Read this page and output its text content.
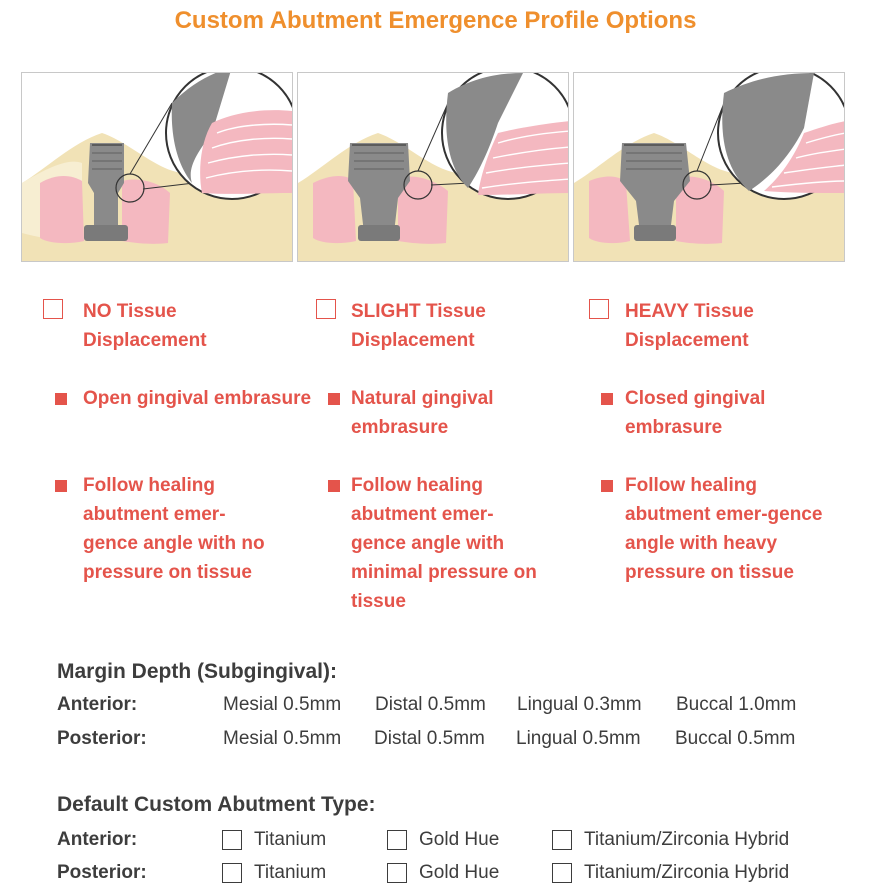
Custom Abutment Emergence Profile Options
NO Tissue Displacement
Open gingival embrasure
Follow healing abutment emer-gence angle with no pressure on tissue
SLIGHT Tissue Displacement
Natural gingival embrasure
Follow healing abutment emer-gence angle with minimal pressure on tissue
HEAVY Tissue Displacement
Closed gingival embrasure
Follow healing abutment emer-gence angle with heavy pressure on tissue
Margin Depth (Subgingival):
Anterior:	Mesial 0.5mm Distal 0.5mm Lingual 0.3mm Buccal 1.0mm
Posterior:	Mesial 0.5mm Distal 0.5mm Lingual 0.5mm Buccal 0.5mm
Default Custom Abutment Type:
Anterior:	Titanium	Gold Hue	Titanium/Zirconia Hybrid
Posterior:	Titanium	Gold Hue	Titanium/Zirconia Hybrid
